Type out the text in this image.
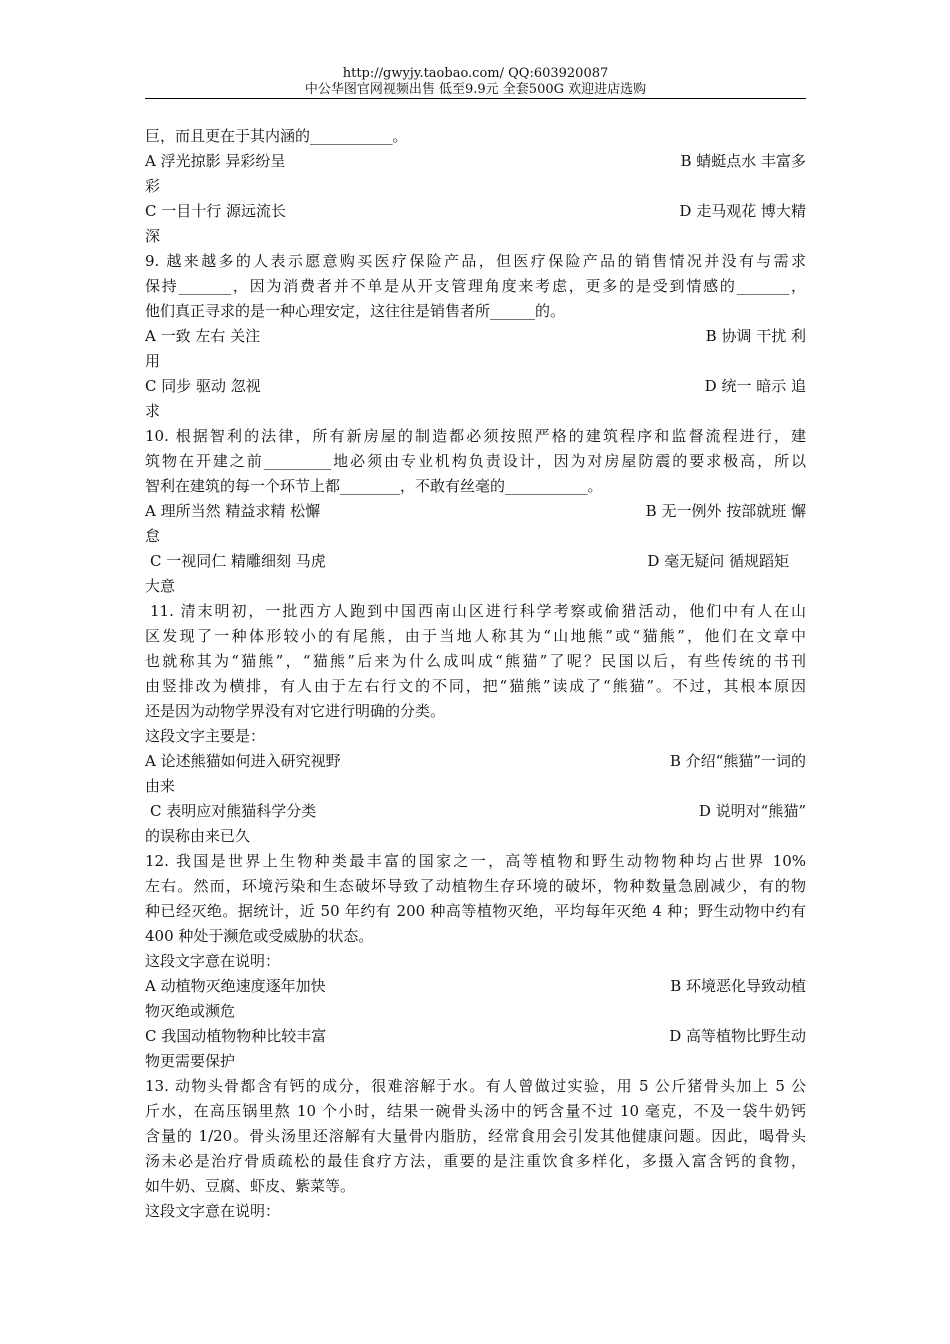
http://gwyjy.taobao.com/ QQ:603920087
中公华图官网视频出售 低至9.9元 全套500G 欢迎进店选购
巨，而且更在于其内涵的___________。
A 浮光掠影 异彩纷呈	B 蜻蜓点水 丰富多
彩
C 一目十行 源远流长	D 走马观花 博大精
深
9. 越来越多的人表示愿意购买医疗保险产品，但医疗保险产品的销售情况并没有与需求
保持_______，因为消费者并不单是从开支管理角度来考虑，更多的是受到情感的_______，
他们真正寻求的是一种心理安定，这往往是销售者所______的。
A 一致 左右 关注	B 协调 干扰 利
用
C 同步 驱动 忽视	D 统一 暗示 追
求
10. 根据智利的法律，所有新房屋的制造都必须按照严格的建筑程序和监督流程进行，建
筑物在开建之前_________地必须由专业机构负责设计，因为对房屋防震的要求极高，所以
智利在建筑的每一个环节上都________，不敢有丝毫的___________。
A 理所当然 精益求精 松懈	B 无一例外 按部就班 懈
怠
C 一视同仁 精雕细刻 马虎	D 毫无疑问 循规蹈矩
大意
11. 清末明初，一批西方人跑到中国西南山区进行科学考察或偷猎活动，他们中有人在山
区发现了一种体形较小的有尾熊，由于当地人称其为“山地熊”或“猫熊”，他们在文章中
也就称其为“猫熊”，“猫熊”后来为什么成叫成“熊猫”了呢？民国以后，有些传统的书刊
由竖排改为横排，有人由于左右行文的不同，把“猫熊”读成了“熊猫”。不过，其根本原因
还是因为动物学界没有对它进行明确的分类。
这段文字主要是：
A 论述熊猫如何进入研究视野	B 介绍“熊猫”一词的
由来
C 表明应对熊猫科学分类	D 说明对“熊猫”
的误称由来已久
12. 我国是世界上生物种类最丰富的国家之一，高等植物和野生动物物种均占世界 10%
左右。然而，环境污染和生态破坏导致了动植物生存环境的破坏，物种数量急剧减少，有的物
种已经灭绝。据统计，近 50 年约有 200 种高等植物灭绝，平均每年灭绝 4 种；野生动物中约有
400 种处于濒危或受威胁的状态。
这段文字意在说明：
A 动植物灭绝速度逐年加快	B 环境恶化导致动植
物灭绝或濒危
C 我国动植物物种比较丰富	D 高等植物比野生动
物更需要保护
13. 动物头骨都含有钙的成分，很难溶解于水。有人曾做过实验，用 5 公斤猪骨头加上 5 公
斤水，在高压锅里熬 10 个小时，结果一碗骨头汤中的钙含量不过 10 毫克，不及一袋牛奶钙
含量的 1/20。骨头汤里还溶解有大量骨内脂肪，经常食用会引发其他健康问题。因此，喝骨头
汤未必是治疗骨质疏松的最佳食疗方法，重要的是注重饮食多样化，多摄入富含钙的食物，
如牛奶、豆腐、虾皮、紫菜等。
这段文字意在说明：
